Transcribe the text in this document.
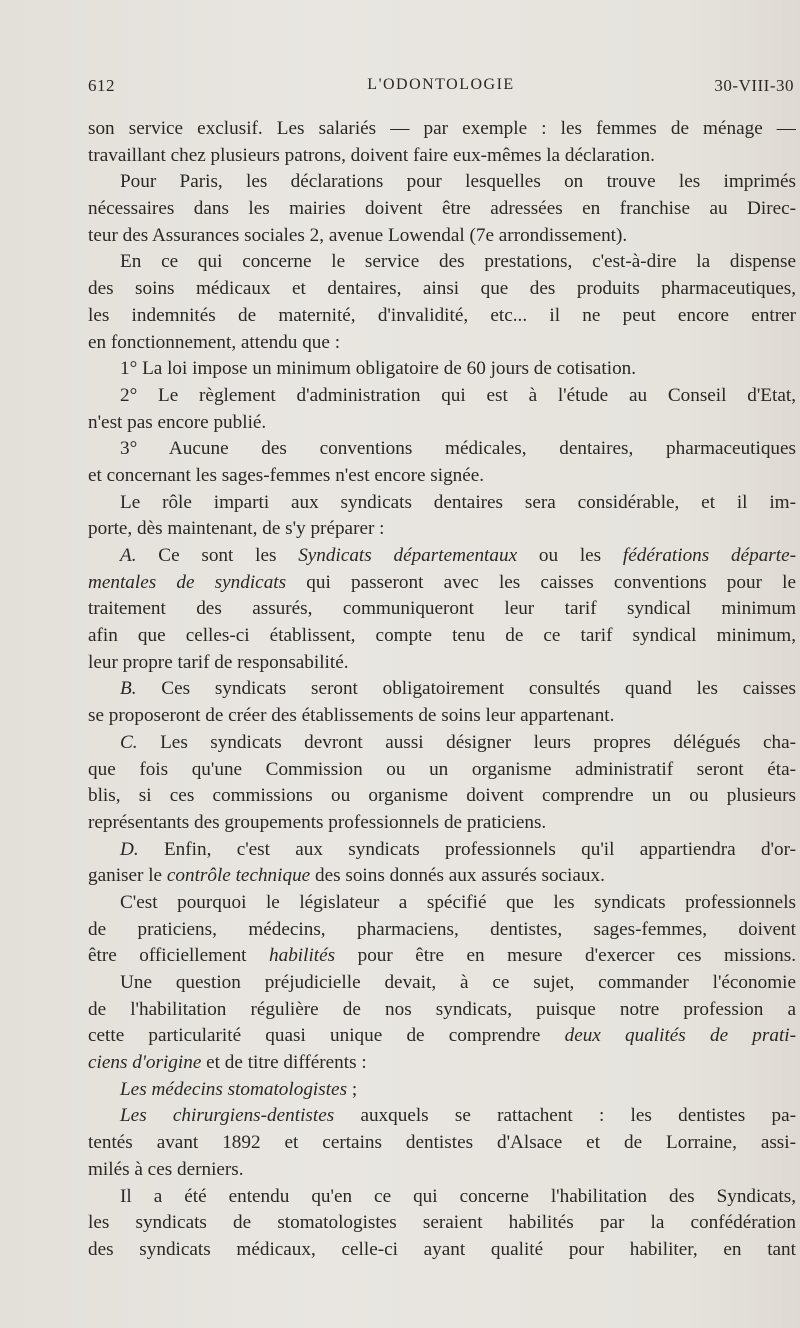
612	L'ODONTOLOGIE	30-VIII-30
son service exclusif. Les salariés — par exemple : les femmes de ménage —
travaillant chez plusieurs patrons, doivent faire eux-mêmes la déclaration.
Pour Paris, les déclarations pour lesquelles on trouve les imprimés
nécessaires dans les mairies doivent être adressées en franchise au Direc-
teur des Assurances sociales 2, avenue Lowendal (7e arrondissement).
En ce qui concerne le service des prestations, c'est-à-dire la dispense
des soins médicaux et dentaires, ainsi que des produits pharmaceutiques,
les indemnités de maternité, d'invalidité, etc... il ne peut encore entrer
en fonctionnement, attendu que :
1° La loi impose un minimum obligatoire de 60 jours de cotisation.
2° Le règlement d'administration qui est à l'étude au Conseil d'Etat,
n'est pas encore publié.
3° Aucune des conventions médicales, dentaires, pharmaceutiques
et concernant les sages-femmes n'est encore signée.
Le rôle imparti aux syndicats dentaires sera considérable, et il im-
porte, dès maintenant, de s'y préparer :
A. Ce sont les Syndicats départementaux ou les fédérations départe-
mentales de syndicats qui passeront avec les caisses conventions pour le
traitement des assurés, communiqueront leur tarif syndical minimum
afin que celles-ci établissent, compte tenu de ce tarif syndical minimum,
leur propre tarif de responsabilité.
B. Ces syndicats seront obligatoirement consultés quand les caisses
se proposeront de créer des établissements de soins leur appartenant.
C. Les syndicats devront aussi désigner leurs propres délégués cha-
que fois qu'une Commission ou un organisme administratif seront éta-
blis, si ces commissions ou organisme doivent comprendre un ou plusieurs
représentants des groupements professionnels de praticiens.
D. Enfin, c'est aux syndicats professionnels qu'il appartiendra d'or-
ganiser le contrôle technique des soins donnés aux assurés sociaux.
C'est pourquoi le législateur a spécifié que les syndicats professionnels
de praticiens, médecins, pharmaciens, dentistes, sages-femmes, doivent
être officiellement habilités pour être en mesure d'exercer ces missions.
Une question préjudicielle devait, à ce sujet, commander l'économie
de l'habilitation régulière de nos syndicats, puisque notre profession a
cette particularité quasi unique de comprendre deux qualités de prati-
ciens d'origine et de titre différents :
Les médecins stomatologistes ;
Les chirurgiens-dentistes auxquels se rattachent : les dentistes pa-
tentés avant 1892 et certains dentistes d'Alsace et de Lorraine, assi-
milés à ces derniers.
Il a été entendu qu'en ce qui concerne l'habilitation des Syndicats,
les syndicats de stomatologistes seraient habilités par la confédération
des syndicats médicaux, celle-ci ayant qualité pour habiliter, en tant
